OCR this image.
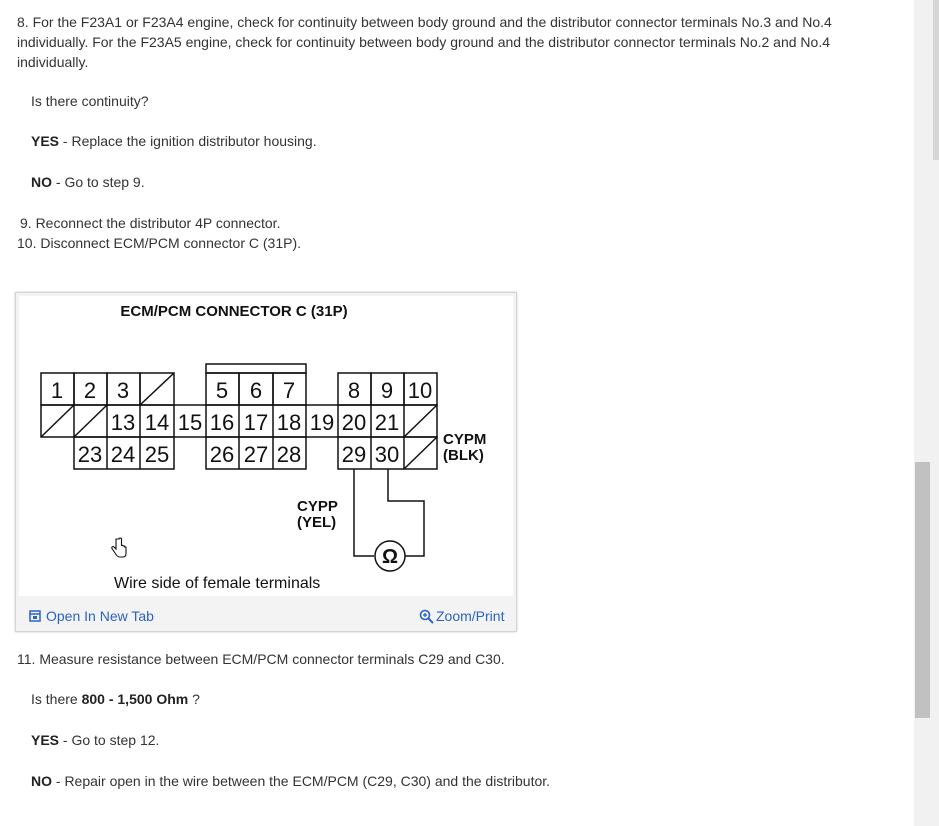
8. For the F23A1 or F23A4 engine, check for continuity between body ground and the distributor connector terminals No.3 and No.4 individually. For the F23A5 engine, check for continuity between body ground and the distributor connector terminals No.2 and No.4 individually.
Is there continuity?
YES - Replace the ignition distributor housing.
NO - Go to step 9.
9. Reconnect the distributor 4P connector.
10. Disconnect ECM/PCM connector C (31P).
ECM/PCM CONNECTOR C (31P)
1 2 3	5 6 7 8 9 10
13 14 15 16 17 18 19 20 21
23 24 25 26 27 28 29 30
CYPM
(BLK)
CYPP
(YEL)
Ω
Wire side of female terminals
Open In New Tab	Zoom/Print
11. Measure resistance between ECM/PCM connector terminals C29 and C30.
Is there 800 - 1,500 Ohm ?
YES - Go to step 12.
NO - Repair open in the wire between the ECM/PCM (C29, C30) and the distributor.
